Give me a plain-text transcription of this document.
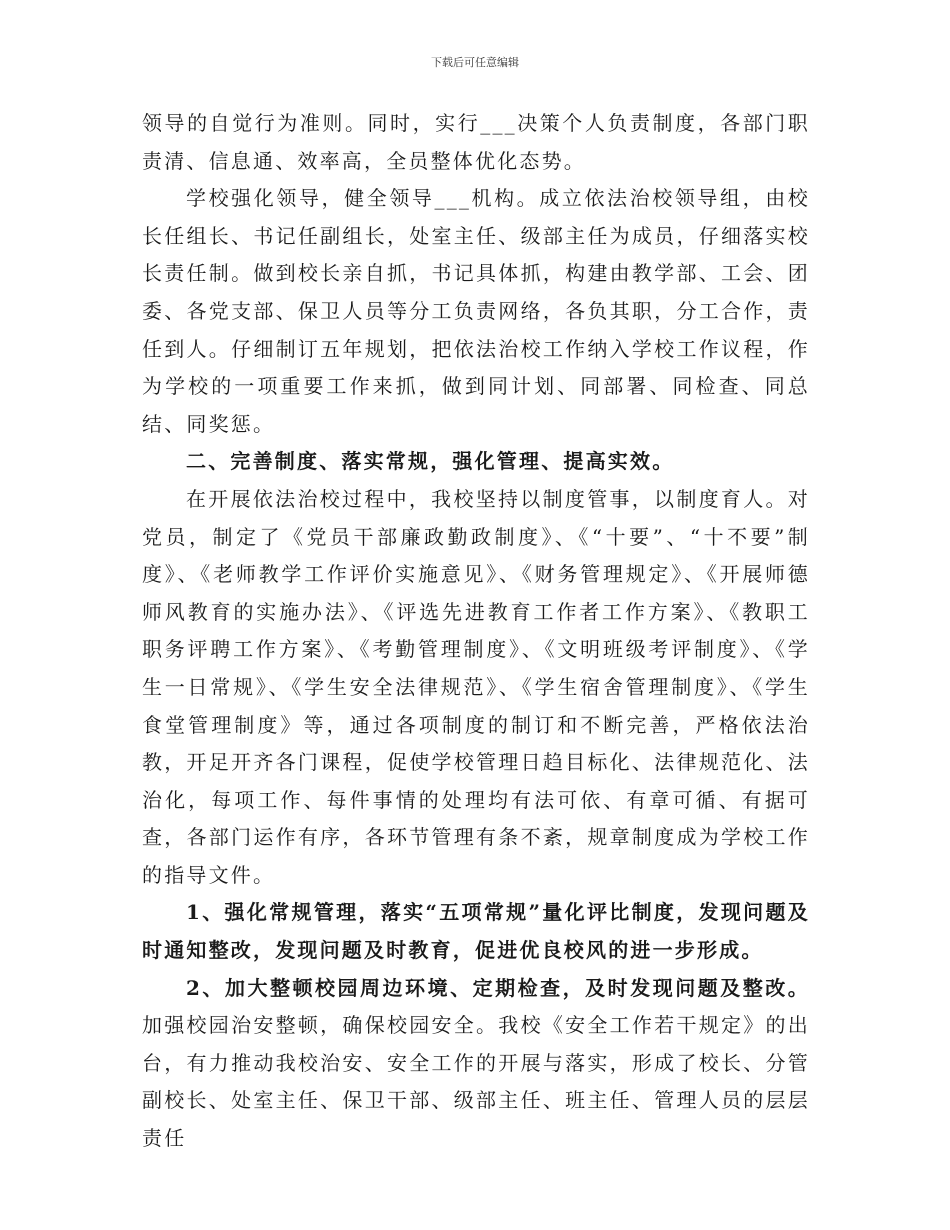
下载后可任意编辑

领导的自觉行为准则。同时，实行___决策个人负责制度，各部门职责清、信息通、效率高，全员整体优化态势。

学校强化领导，健全领导___机构。成立依法治校领导组，由校长任组长、书记任副组长，处室主任、级部主任为成员，仔细落实校长责任制。做到校长亲自抓，书记具体抓，构建由教学部、工会、团委、各党支部、保卫人员等分工负责网络，各负其职，分工合作，责任到人。仔细制订五年规划，把依法治校工作纳入学校工作议程，作为学校的一项重要工作来抓，做到同计划、同部署、同检查、同总结、同奖惩。

二、完善制度、落实常规，强化管理、提高实效。

在开展依法治校过程中，我校坚持以制度管事，以制度育人。对党员，制定了《党员干部廉政勤政制度》、《“十要”、“十不要”制度》、《老师教学工作评价实施意见》、《财务管理规定》、《开展师德师风教育的实施办法》、《评选先进教育工作者工作方案》、《教职工职务评聘工作方案》、《考勤管理制度》、《文明班级考评制度》、《学生一日常规》、《学生安全法律规范》、《学生宿舍管理制度》、《学生食堂管理制度》等，通过各项制度的制订和不断完善，严格依法治教，开足开齐各门课程，促使学校管理日趋目标化、法律规范化、法治化，每项工作、每件事情的处理均有法可依、有章可循、有据可查，各部门运作有序，各环节管理有条不紊，规章制度成为学校工作的指导文件。

1、强化常规管理，落实“五项常规”量化评比制度，发现问题及时通知整改，发现问题及时教育，促进优良校风的进一步形成。

2、加大整顿校园周边环境、定期检查，及时发现问题及整改。加强校园治安整顿，确保校园安全。我校《安全工作若干规定》的出台，有力推动我校治安、安全工作的开展与落实，形成了校长、分管副校长、处室主任、保卫干部、级部主任、班主任、管理人员的层层责任
